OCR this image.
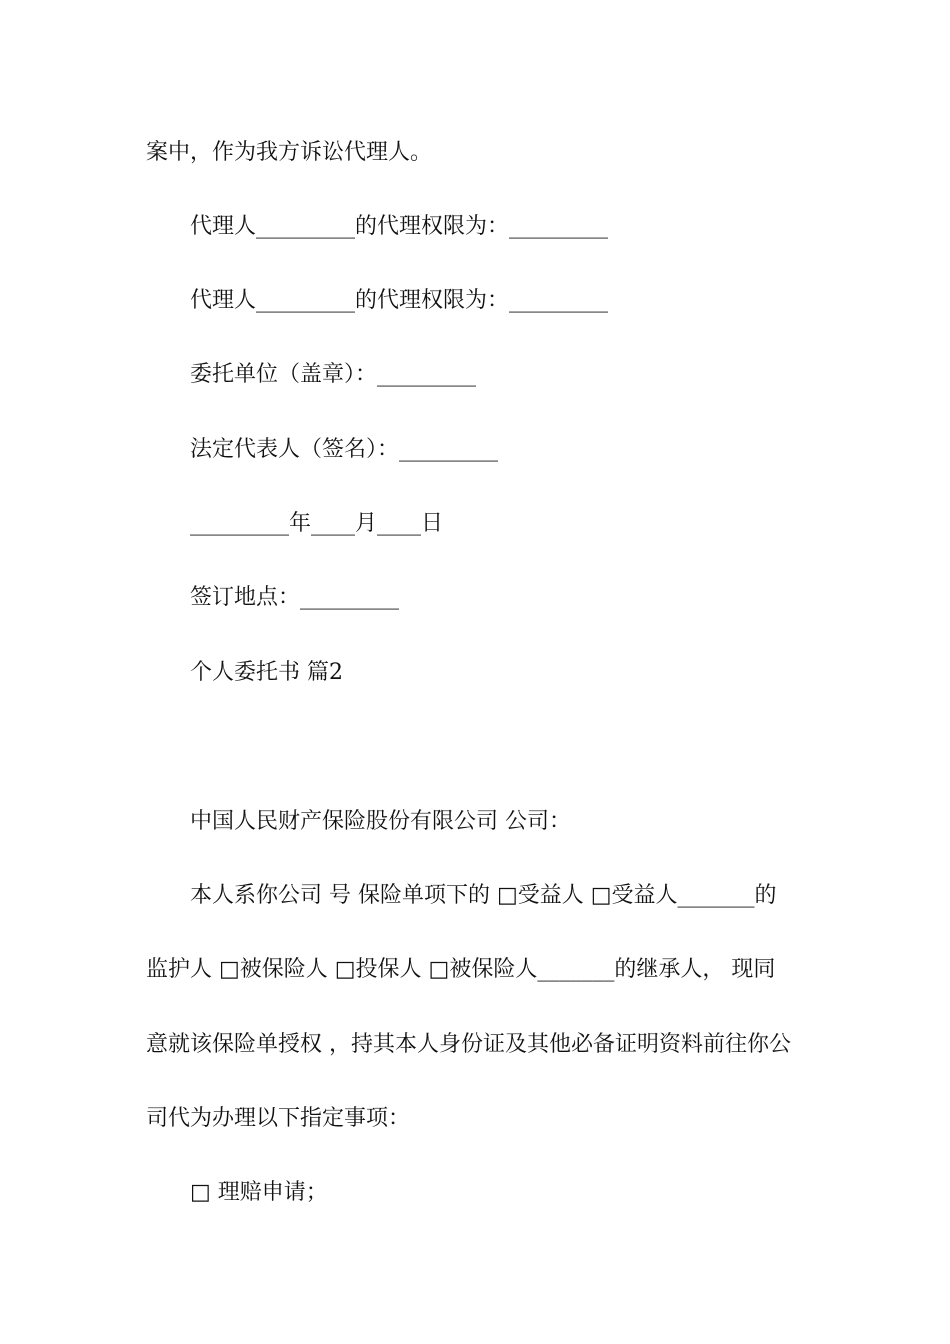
案中，作为我方诉讼代理人。
代理人_________的代理权限为：_________
代理人_________的代理权限为：_________
委托单位（盖章）：_________
法定代表人（签名）：_________
_________年____月____日
签订地点：_________
个人委托书 篇2
中国人民财产保险股份有限公司 公司：
本人系你公司 号 保险单项下的 □受益人 □受益人_______的
监护人 □被保险人 □投保人 □被保险人_______的继承人， 现同
意就该保险单授权 ，持其本人身份证及其他必备证明资料前往你公
司代为办理以下指定事项：
□ 理赔申请；
